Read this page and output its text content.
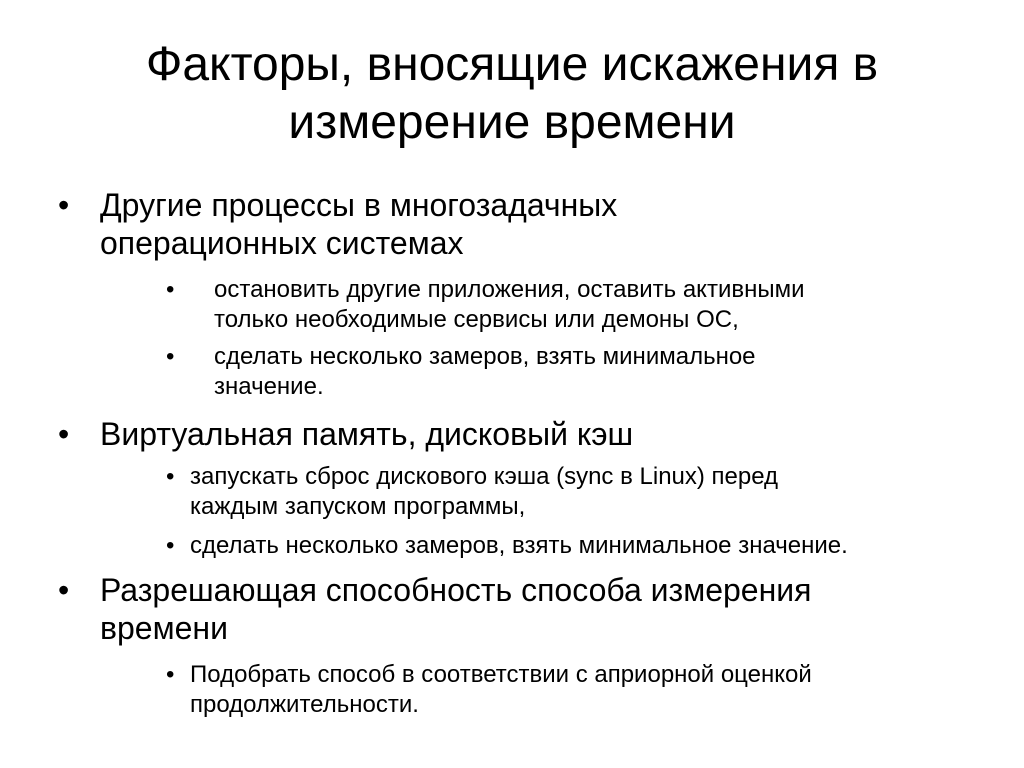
Факторы, вносящие искажения в
измерение времени
• Другие процессы в многозадачных
операционных системах
•	остановить другие приложения, оставить активными
только необходимые сервисы или демоны ОС,
•	сделать несколько замеров, взять минимальное
значение.
• Виртуальная память, дисковый кэш
• запускать сброс дискового кэша (sync в Linux) перед
каждым запуском программы,
• сделать несколько замеров, взять минимальное значение.
• Разрешающая способность способа измерения
времени
• Подобрать способ в соответствии с априорной оценкой
продолжительности.
